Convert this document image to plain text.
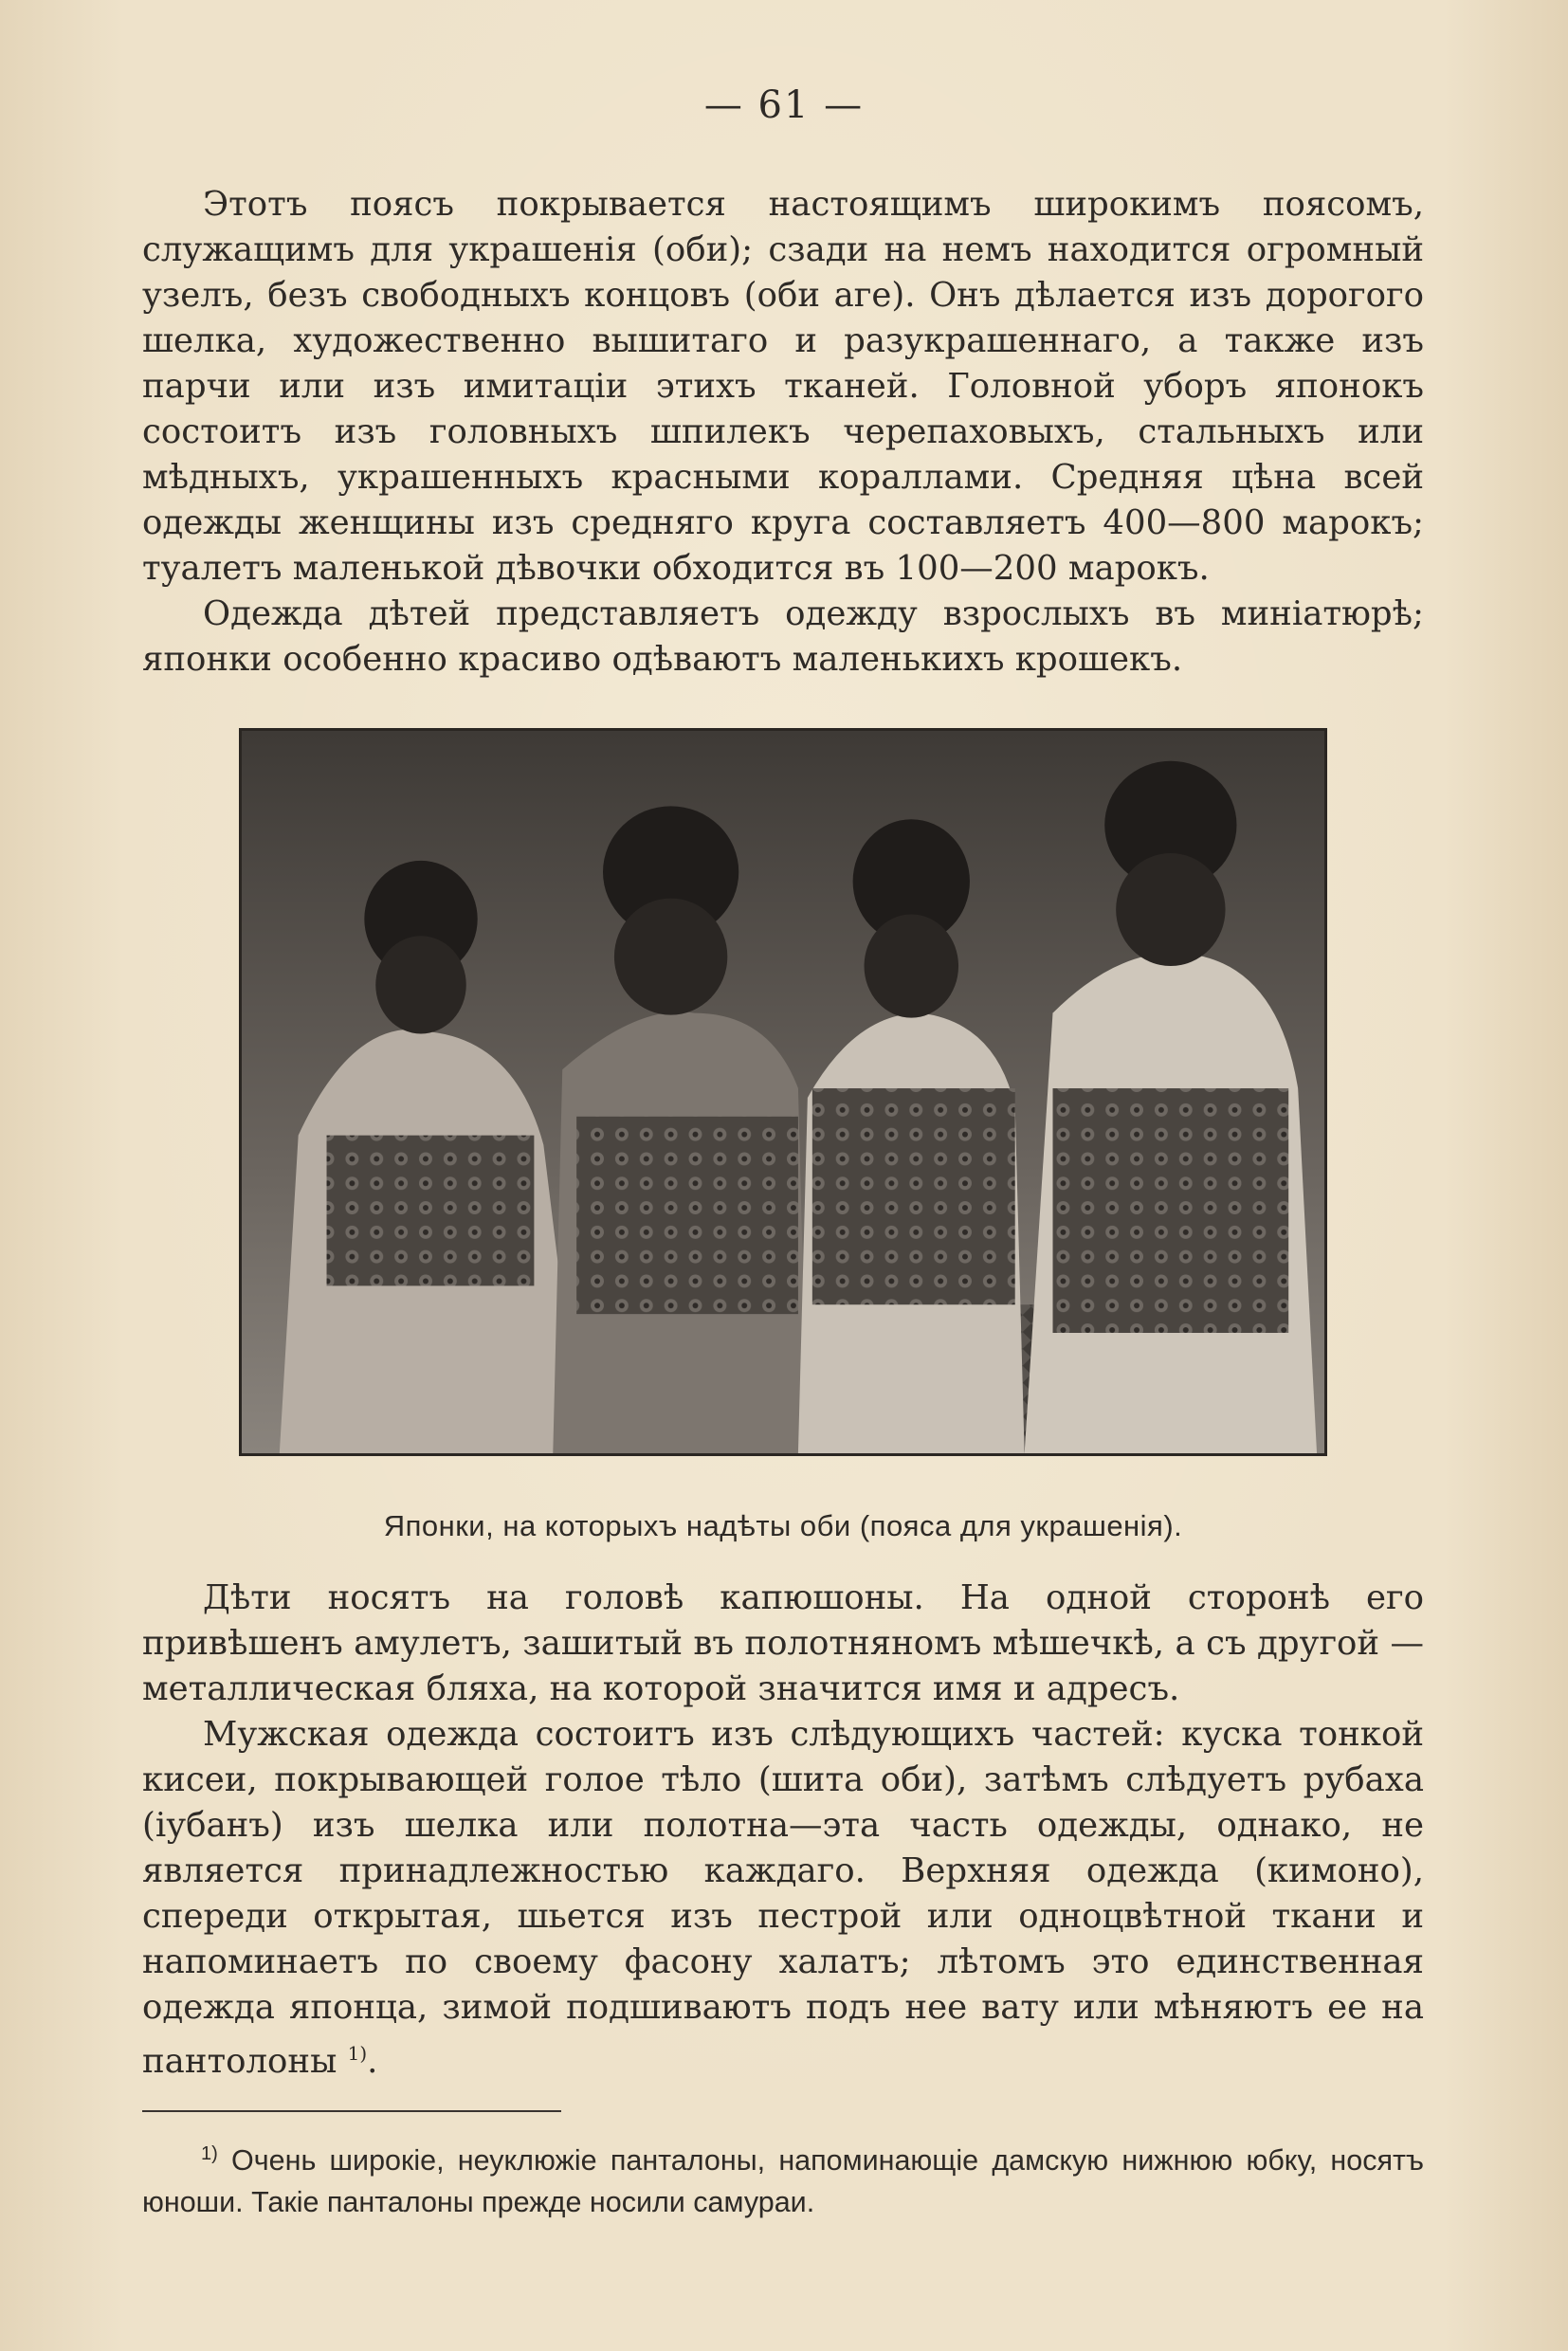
— 61 —

Этотъ поясъ покрывается настоящимъ широкимъ поясомъ, служащимъ для украшенія (оби); сзади на немъ находится огромный узелъ, безъ свободныхъ концовъ (оби аге). Онъ дѣлается изъ дорогого шелка, художественно вышитаго и разукрашеннаго, а также изъ парчи или изъ имитаціи этихъ тканей. Головной уборъ японокъ состоитъ изъ головныхъ шпилекъ черепаховыхъ, стальныхъ или мѣдныхъ, украшенныхъ красными кораллами. Средняя цѣна всей одежды женщины изъ средняго круга составляетъ 400—800 марокъ; туалетъ маленькой дѣвочки обходится въ 100—200 марокъ.

Одежда дѣтей представляетъ одежду взрослыхъ въ миніатюрѣ; японки особенно красиво одѣваютъ маленькихъ крошекъ.

Японки, на которыхъ надѣты оби (пояса для украшенія).

Дѣти носятъ на головѣ капюшоны. На одной сторонѣ его привѣшенъ амулетъ, зашитый въ полотняномъ мѣшечкѣ, а съ другой — металлическая бляха, на которой значится имя и адресъ.

Мужская одежда состоитъ изъ слѣдующихъ частей: куска тонкой кисеи, покрывающей голое тѣло (шита оби), затѣмъ слѣдуетъ рубаха (іубанъ) изъ шелка или полотна—эта часть одежды, однако, не является принадлежностью каждаго. Верхняя одежда (кимоно), спереди открытая, шьется изъ пестрой или одноцвѣтной ткани и напоминаетъ по своему фасону халатъ; лѣтомъ это единственная одежда японца, зимой подшиваютъ подъ нее вату или мѣняютъ ее на пантолоны $^{1)}$.

$^{1)}$ Очень широкіе, неуклюжіе панталоны, напоминающіе дамскую нижнюю юбку, носятъ юноши. Такіе панталоны прежде носили самураи.
